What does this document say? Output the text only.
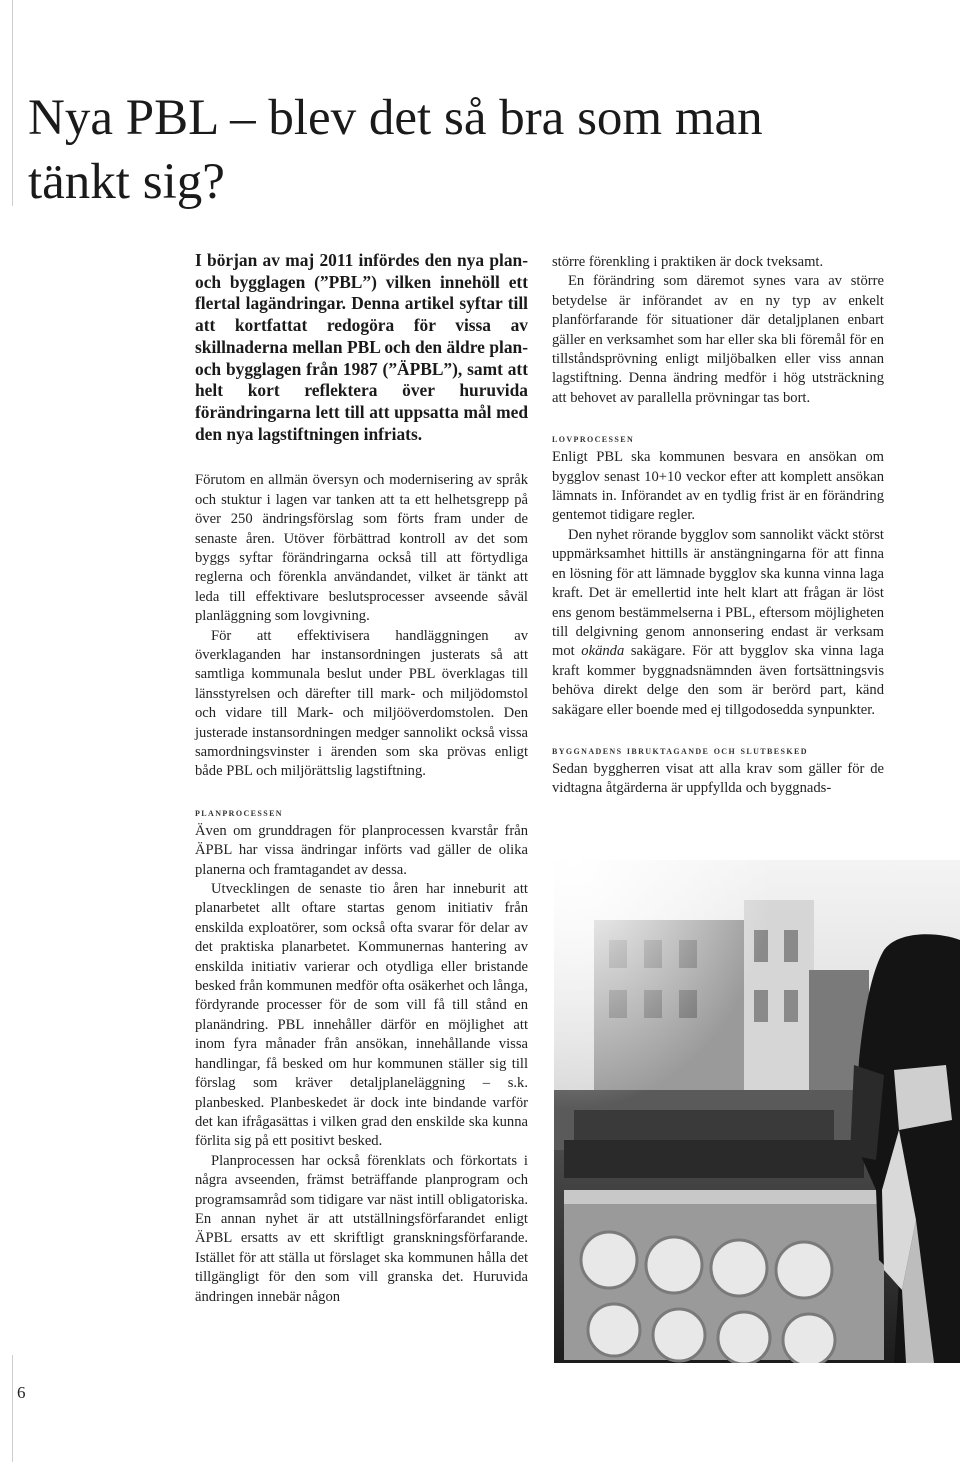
Nya PBL – blev det så bra som man tänkt sig?

I början av maj 2011 infördes den nya plan- och bygglagen (”PBL”) vilken innehöll ett flertal lagändringar. Denna artikel syftar till att kortfattat redogöra för vissa av skillnaderna mellan PBL och den äldre plan- och bygglagen från 1987 (”ÄPBL”), samt att helt kort reflektera över huruvida förändringarna lett till att uppsatta mål med den nya lagstiftningen infriats.

Förutom en allmän översyn och modernisering av språk och stuktur i lagen var tanken att ta ett helhetsgrepp på över 250 ändringsförslag som förts fram under de senaste åren. Utöver förbättrad kontroll av det som byggs syftar förändringarna också till att förtydliga reglerna och förenkla användandet, vilket är tänkt att leda till effektivare beslutsprocesser avseende såväl planläggning som lovgivning.

För att effektivisera handläggningen av överklaganden har instansordningen justerats så att samtliga kommunala beslut under PBL överklagas till länsstyrelsen och därefter till mark- och miljödomstol och vidare till Mark- och miljööverdomstolen. Den justerade instansordningen medger sannolikt också vissa samordningsvinster i ärenden som ska prövas enligt både PBL och miljörättslig lagstiftning.

planprocessen

Även om grunddragen för planprocessen kvarstår från ÄPBL har vissa ändringar införts vad gäller de olika planerna och framtagandet av dessa.

Utvecklingen de senaste tio åren har inneburit att planarbetet allt oftare startas genom initiativ från enskilda exploatörer, som också ofta svarar för delar av det praktiska planarbetet. Kommunernas hantering av enskilda initiativ varierar och otydliga eller bristande besked från kommunen medför ofta osäkerhet och långa, fördyrande processer för de som vill få till stånd en planändring. PBL innehåller därför en möjlighet att inom fyra månader från ansökan, innehållande vissa handlingar, få besked om hur kommunen ställer sig till förslag som kräver detaljplaneläggning – s.k. planbesked. Planbeskedet är dock inte bindande varför det kan ifrågasättas i vilken grad den enskilde ska kunna förlita sig på ett positivt besked.

Planprocessen har också förenklats och förkortats i några avseenden, främst beträffande planprogram och programsamråd som tidigare var näst intill obligatoriska. En annan nyhet är att utställningsförfarandet enligt ÄPBL ersatts av ett skriftligt granskningsförfarande. Istället för att ställa ut förslaget ska kommunen hålla det tillgängligt för den som vill granska det. Huruvida ändringen innebär någon

större förenkling i praktiken är dock tveksamt.

En förändring som däremot synes vara av större betydelse är införandet av en ny typ av enkelt planförfarande för situationer där detaljplanen enbart gäller en verksamhet som har eller ska bli föremål för en tillståndsprövning enligt miljöbalken eller viss annan lagstiftning. Denna ändring medför i hög utsträckning att behovet av parallella prövningar tas bort.

lovprocessen

Enligt PBL ska kommunen besvara en ansökan om bygglov senast 10+10 veckor efter att komplett ansökan lämnats in. Införandet av en tydlig frist är en förändring gentemot tidigare regler.

Den nyhet rörande bygglov som sannolikt väckt störst uppmärksamhet hittills är anstängningarna för att finna en lösning för att lämnade bygglov ska kunna vinna laga kraft. Det är emellertid inte helt klart att frågan är löst ens genom bestämmelserna i PBL, eftersom möjligheten till delgivning genom annonsering endast är verksam mot okända sakägare. För att bygglov ska vinna laga kraft kommer byggnadsnämnden även fortsättningsvis behöva direkt delge den som är berörd part, känd sakägare eller boende med ej tillgodosedda synpunkter.

byggnadens ibruktagande och slutbesked

Sedan byggherren visat att alla krav som gäller för de vidtagna åtgärderna är uppfyllda och byggnads-

6
